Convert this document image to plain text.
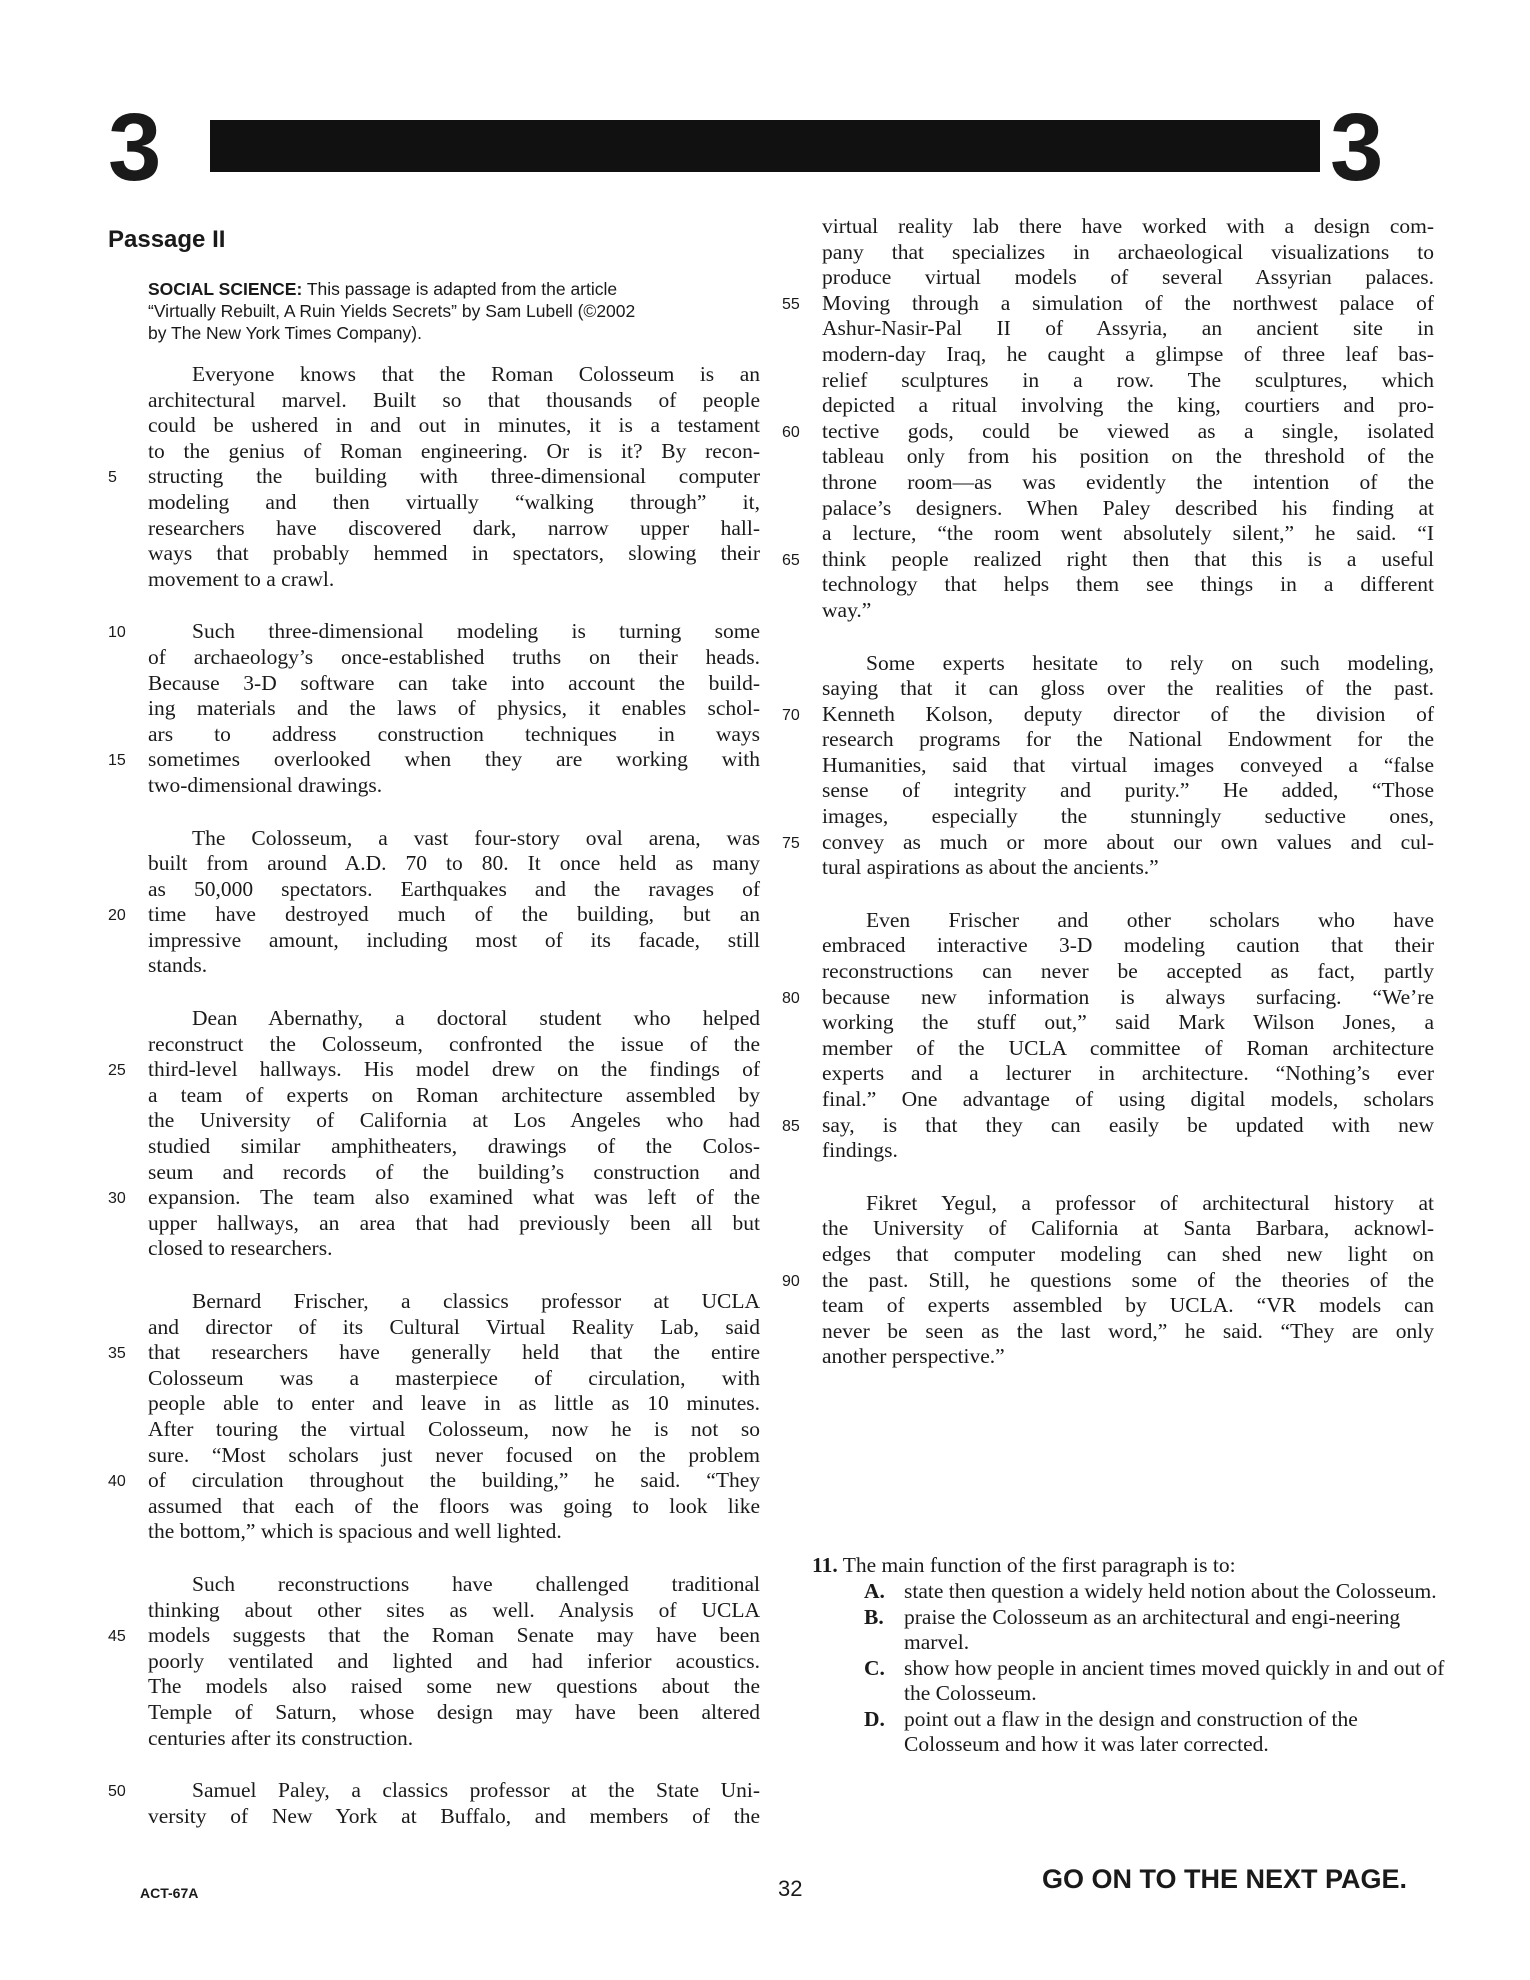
3	3
Passage II
SOCIAL SCIENCE: This passage is adapted from the article
“Virtually Rebuilt, A Ruin Yields Secrets” by Sam Lubell (©2002
by The New York Times Company).
Everyone knows that the Roman Colosseum is an
architectural marvel. Built so that thousands of people
could be ushered in and out in minutes, it is a testament
to the genius of Roman engineering. Or is it? By recon-
5 structing the building with three-dimensional computer
modeling and then virtually “walking through” it,
researchers have discovered dark, narrow upper hall-
ways that probably hemmed in spectators, slowing their
movement to a crawl.
10	Such three-dimensional modeling is turning some
of archaeology’s once-established truths on their heads.
Because 3-D software can take into account the build-
ing materials and the laws of physics, it enables schol-
ars to address construction techniques in ways
15 sometimes overlooked when they are working with
two-dimensional drawings.
The Colosseum, a vast four-story oval arena, was
built from around A.D. 70 to 80. It once held as many
as 50,000 spectators. Earthquakes and the ravages of
20 time have destroyed much of the building, but an
impressive amount, including most of its facade, still
stands.
Dean Abernathy, a doctoral student who helped
reconstruct the Colosseum, confronted the issue of the
25 third-level hallways. His model drew on the findings of
a team of experts on Roman architecture assembled by
the University of California at Los Angeles who had
studied similar amphitheaters, drawings of the Colos-
seum and records of the building’s construction and
30 expansion. The team also examined what was left of the
upper hallways, an area that had previously been all but
closed to researchers.
Bernard Frischer, a classics professor at UCLA
and director of its Cultural Virtual Reality Lab, said
35 that researchers have generally held that the entire
Colosseum was a masterpiece of circulation, with
people able to enter and leave in as little as 10 minutes.
After touring the virtual Colosseum, now he is not so
sure. “Most scholars just never focused on the problem
40 of circulation throughout the building,” he said. “They
assumed that each of the floors was going to look like
the bottom,” which is spacious and well lighted.
Such reconstructions have challenged traditional
thinking about other sites as well. Analysis of UCLA
45 models suggests that the Roman Senate may have been
poorly ventilated and lighted and had inferior acoustics.
The models also raised some new questions about the
Temple of Saturn, whose design may have been altered
centuries after its construction.
50	Samuel Paley, a classics professor at the State Uni-
versity of New York at Buffalo, and members of the
virtual reality lab there have worked with a design com-
pany that specializes in archaeological visualizations to
produce virtual models of several Assyrian palaces.
55 Moving through a simulation of the northwest palace of
Ashur-Nasir-Pal II of Assyria, an ancient site in
modern-day Iraq, he caught a glimpse of three leaf bas-
relief sculptures in a row. The sculptures, which
depicted a ritual involving the king, courtiers and pro-
60 tective gods, could be viewed as a single, isolated
tableau only from his position on the threshold of the
throne room—as was evidently the intention of the
palace’s designers. When Paley described his finding at
a lecture, “the room went absolutely silent,” he said. “I
65 think people realized right then that this is a useful
technology that helps them see things in a different
way.”
Some experts hesitate to rely on such modeling,
saying that it can gloss over the realities of the past.
70 Kenneth Kolson, deputy director of the division of
research programs for the National Endowment for the
Humanities, said that virtual images conveyed a “false
sense of integrity and purity.” He added, “Those
images, especially the stunningly seductive ones,
75 convey as much or more about our own values and cul-
tural aspirations as about the ancients.”
Even Frischer and other scholars who have
embraced interactive 3-D modeling caution that their
reconstructions can never be accepted as fact, partly
80 because new information is always surfacing. “We’re
working the stuff out,” said Mark Wilson Jones, a
member of the UCLA committee of Roman architecture
experts and a lecturer in architecture. “Nothing’s ever
final.” One advantage of using digital models, scholars
85 say, is that they can easily be updated with new
findings.
Fikret Yegul, a professor of architectural history at
the University of California at Santa Barbara, acknowl-
edges that computer modeling can shed new light on
90 the past. Still, he questions some of the theories of the
team of experts assembled by UCLA. “VR models can
never be seen as the last word,” he said. “They are only
another perspective.”
11. The main function of the first paragraph is to:
A. state then question a widely held notion about the Colosseum.
B. praise the Colosseum as an architectural and engi-neering marvel.
C. show how people in ancient times moved quickly in and out of the Colosseum.
D. point out a flaw in the design and construction of the Colosseum and how it was later corrected.
ACT-67A	32	GO ON TO THE NEXT PAGE.
